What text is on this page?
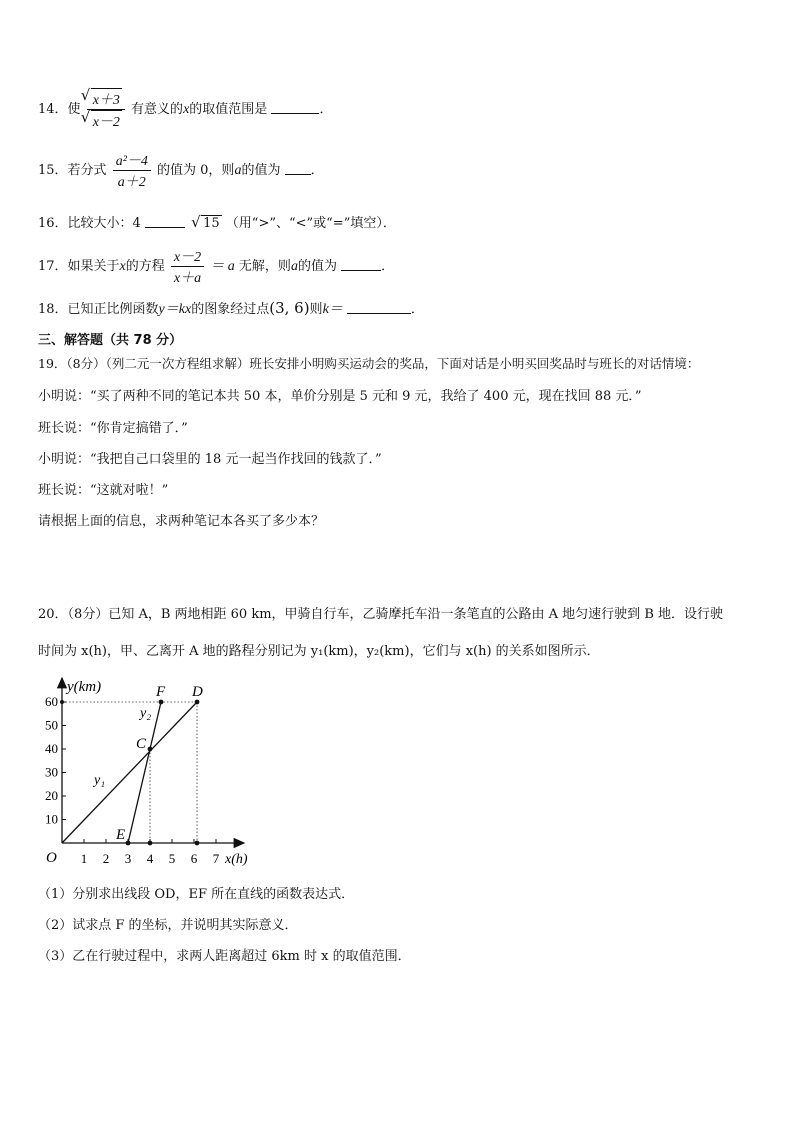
14．使 √ x＋3
√ x－2 有意义的x的取值范围是	．
15．若分式 $\frac{\text{a²－4}}{a+2}$ 的值为 0，则a的值为 ．
16．比较大小：4	√ 15 （用“>”、“<”或“=”填空）．
17．如果关于x的方程 $\frac{x-2}{x+a} = a$ 无解，则a的值为	．
18．已知正比例函数y＝kx的图象经过点(3, 6)则k＝	．
三、解答题（共 78 分）
19．（8分）（列二元一次方程组求解）班长安排小明购买运动会的奖品，下面对话是小明买回奖品时与班长的对话情境：
小明说：“买了两种不同的笔记本共 50 本，单价分别是 5 元和 9 元，我给了 400 元，现在找回 88 元．”
班长说：“你肯定搞错了．”
小明说：“我把自己口袋里的 18 元一起当作找回的钱款了．”
班长说：“这就对啦！”
请根据上面的信息，求两种笔记本各买了多少本？
20．（8分）已知 A，B 两地相距 60 km，甲骑自行车，乙骑摩托车沿一条笔直的公路由 A 地匀速行驶到 B 地．设行驶
时间为 x(h)，甲、乙离开 A 地的路程分别记为 y₁(km)，y₂(km)，它们与 x(h) 的关系如图所示．
10
20
30
40
50
60
1 2 3 4 5 6 7
y(km)
x(h)
O
C
D
F
E
y₂
y₁
（1）分别求出线段 OD，EF 所在直线的函数表达式．
（2）试求点 F 的坐标，并说明其实际意义．
（3）乙在行驶过程中，求两人距离超过 6km 时 x 的取值范围．
